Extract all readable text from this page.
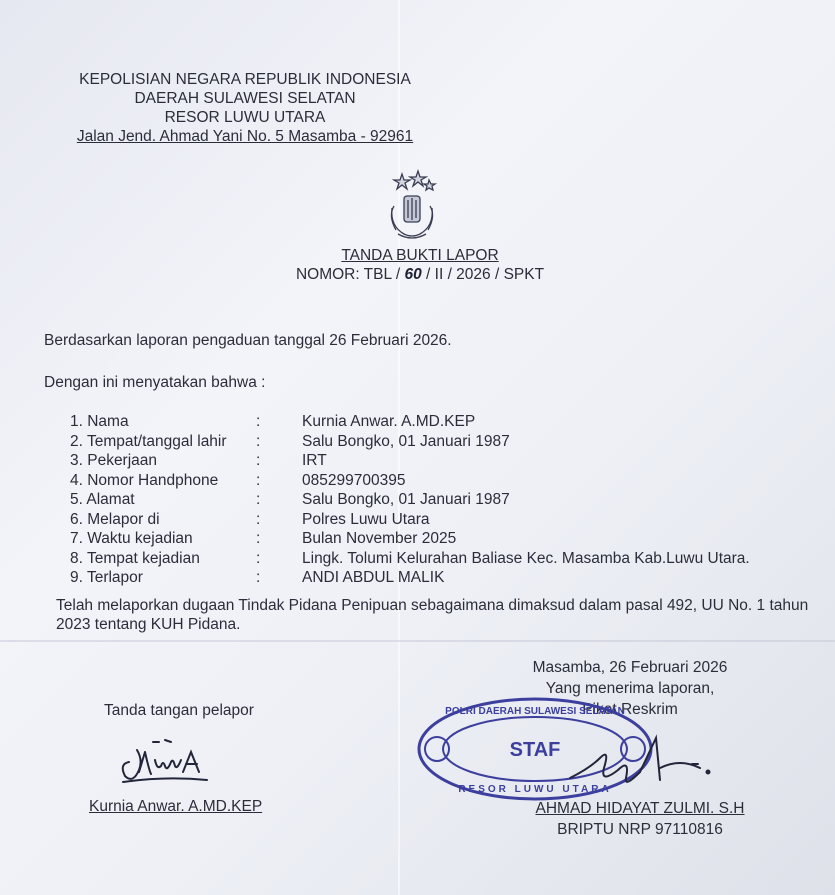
KEPOLISIAN NEGARA REPUBLIK INDONESIA
DAERAH SULAWESI SELATAN
RESOR LUWU UTARA
Jalan Jend. Ahmad Yani No. 5 Masamba - 92961
TANDA BUKTI LAPOR
NOMOR: TBL / 60 / II / 2026 / SPKT
Berdasarkan laporan pengaduan tanggal 26 Februari 2026.
Dengan ini menyatakan bahwa :
1. Nama	:	Kurnia Anwar. A.MD.KEP
2. Tempat/tanggal lahir :	Salu Bongko, 01 Januari 1987
3. Pekerjaan	:	IRT
4. Nomor Handphone :	085299700395
5. Alamat	:	Salu Bongko, 01 Januari 1987
6. Melapor di	:	Polres Luwu Utara
7. Waktu kejadian	:	Bulan November 2025
8. Tempat kejadian	:	Lingk. Tolumi Kelurahan Baliase Kec. Masamba Kab.Luwu Utara.
9. Terlapor	:	ANDI ABDUL MALIK
Telah melaporkan dugaan Tindak Pidana Penipuan sebagaimana dimaksud dalam pasal 492, UU No. 1 tahun 2023 tentang KUH Pidana.
Masamba, 26 Februari 2026
Yang menerima laporan,
Piket Reskrim
Tanda tangan pelapor
Kurnia Anwar. A.MD.KEP
POLRI DAERAH SULAWESI SELATAN
STAF
RESOR LUWU UTARA
AHMAD HIDAYAT ZULMI. S.H
BRIPTU NRP 97110816
